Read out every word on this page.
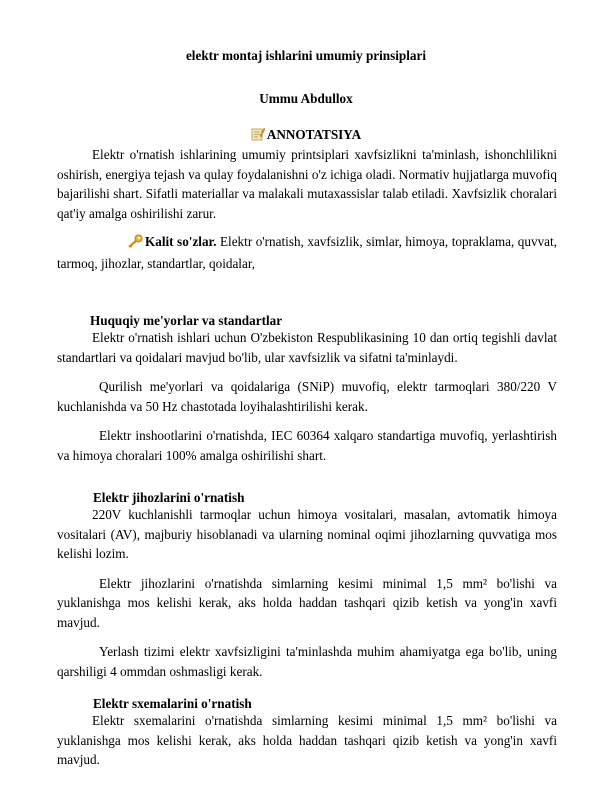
elektr montaj ishlarini umumiy prinsiplari
Ummu Abdullox
ANNOTATSIYA

Elektr o'rnatish ishlarining umumiy printsiplari xavfsizlikni ta'minlash, ishonchlilikni oshirish, energiya tejash va qulay foydalanishni o'z ichiga oladi. Normativ hujjatlarga muvofiq bajarilishi shart. Sifatli materiallar va malakali mutaxassislar talab etiladi. Xavfsizlik choralari qat'iy amalga oshirilishi zarur.

Kalit so'zlar. Elektr o'rnatish, xavfsizlik, simlar, himoya, topraklama, quvvat, tarmoq, jihozlar, standartlar, qoidalar,

Huquqiy me'yorlar va standartlar

Elektr o'rnatish ishlari uchun O'zbekiston Respublikasining 10 dan ortiq tegishli davlat standartlari va qoidalari mavjud bo'lib, ular xavfsizlik va sifatni ta'minlaydi.

Qurilish me'yorlari va qoidalariga (SNiP) muvofiq, elektr tarmoqlari 380/220 V kuchlanishda va 50 Hz chastotada loyihalashtirilishi kerak.

Elektr inshootlarini o'rnatishda, IEC 60364 xalqaro standartiga muvofiq, yerlashtirish va himoya choralari 100% amalga oshirilishi shart.

Elektr jihozlarini o'rnatish

220V kuchlanishli tarmoqlar uchun himoya vositalari, masalan, avtomatik himoya vositalari (AV), majburiy hisoblanadi va ularning nominal oqimi jihozlarning quvvatiga mos kelishi lozim.

Elektr jihozlarini o'rnatishda simlarning kesimi minimal 1,5 mm² bo'lishi va yuklanishga mos kelishi kerak, aks holda haddan tashqari qizib ketish va yong'in xavfi mavjud.

Yerlash tizimi elektr xavfsizligini ta'minlashda muhim ahamiyatga ega bo'lib, uning qarshiligi 4 ommdan oshmasligi kerak.

Elektr sxemalarini o'rnatish

Elektr sxemalarini o'rnatishda simlarning kesimi minimal 1,5 mm² bo'lishi va yuklanishga mos kelishi kerak, aks holda haddan tashqari qizib ketish va yong'in xavfi mavjud.
